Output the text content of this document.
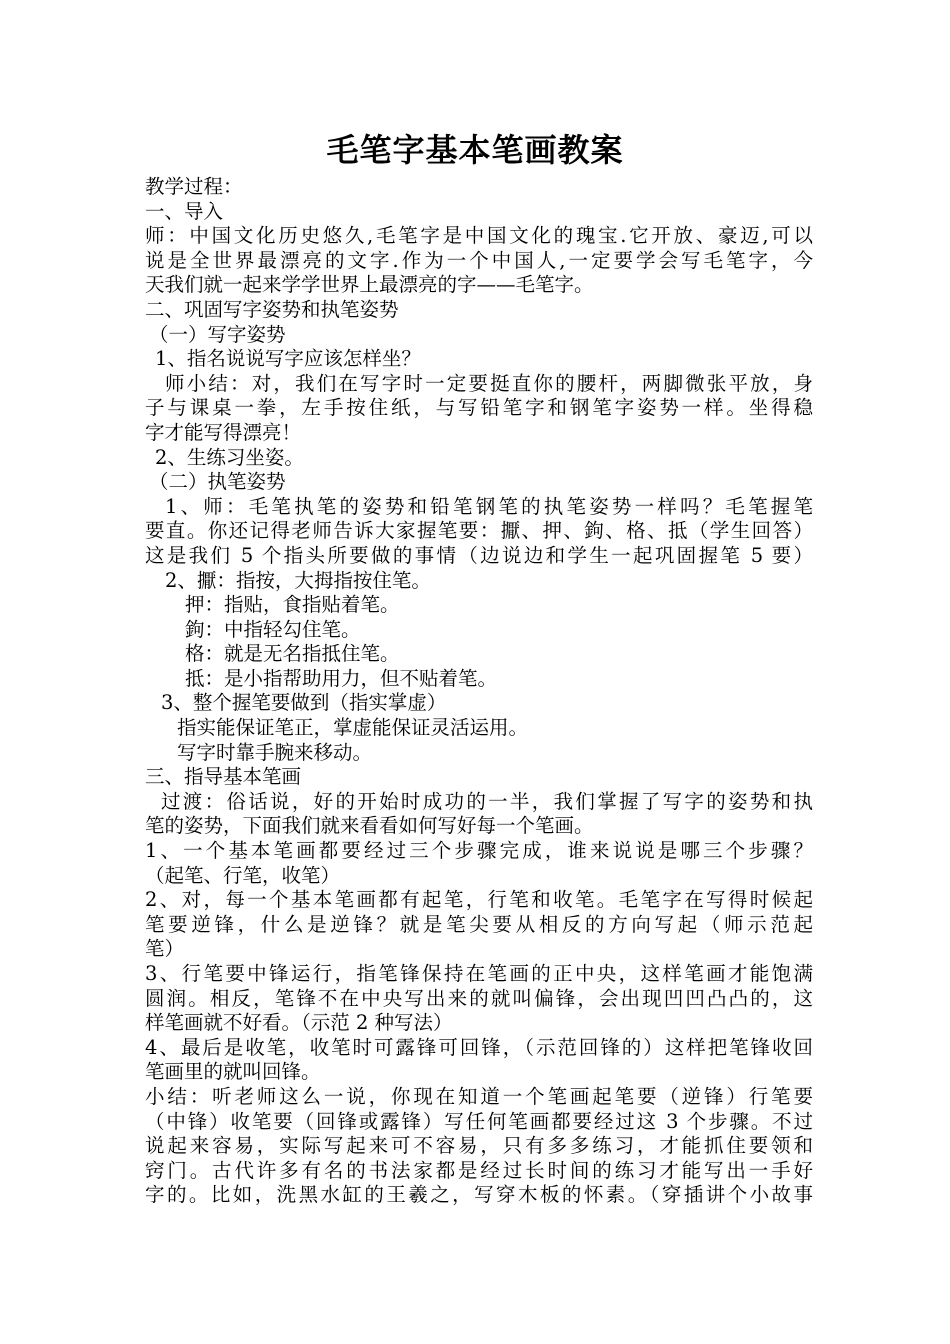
毛笔字基本笔画教案
教学过程：
一、导入
师：中国文化历史悠久,毛笔字是中国文化的瑰宝.它开放、豪迈,可以
说是全世界最漂亮的文字.作为一个中国人,一定要学会写毛笔字，今
天我们就一起来学学世界上最漂亮的字——毛笔字。
二、巩固写字姿势和执笔姿势
（一）写字姿势
1、指名说说写字应该怎样坐？
师小结：对，我们在写字时一定要挺直你的腰杆，两脚微张平放，身
子与课桌一拳，左手按住纸，与写铅笔字和钢笔字姿势一样。坐得稳
字才能写得漂亮！
2、生练习坐姿。
（二）执笔姿势
1、师：毛笔执笔的姿势和铅笔钢笔的执笔姿势一样吗？毛笔握笔
要直。你还记得老师告诉大家握笔要：擫、押、鉤、格、抵（学生回答）
这是我们 5 个指头所要做的事情（边说边和学生一起巩固握笔 5 要）
2、擫：指按，大拇指按住笔。
押：指贴，食指贴着笔。
鉤：中指轻勾住笔。
格：就是无名指抵住笔。
抵：是小指帮助用力，但不贴着笔。
3、整个握笔要做到（指实掌虚）
指实能保证笔正，掌虚能保证灵活运用。
写字时靠手腕来移动。
三、指导基本笔画
过渡：俗话说，好的开始时成功的一半，我们掌握了写字的姿势和执
笔的姿势，下面我们就来看看如何写好每一个笔画。
1、一个基本笔画都要经过三个步骤完成，谁来说说是哪三个步骤？
（起笔、行笔，收笔）
2、对，每一个基本笔画都有起笔，行笔和收笔。毛笔字在写得时候起
笔要逆锋，什么是逆锋？就是笔尖要从相反的方向写起（师示范起
笔）
3、行笔要中锋运行，指笔锋保持在笔画的正中央，这样笔画才能饱满
圆润。相反，笔锋不在中央写出来的就叫偏锋，会出现凹凹凸凸的，这
样笔画就不好看。（示范 2 种写法）
4、最后是收笔，收笔时可露锋可回锋，（示范回锋的）这样把笔锋收回
笔画里的就叫回锋。
小结：听老师这么一说，你现在知道一个笔画起笔要（逆锋）行笔要
（中锋）收笔要（回锋或露锋）写任何笔画都要经过这 3 个步骤。不过
说起来容易，实际写起来可不容易，只有多多练习，才能抓住要领和
窍门。古代许多有名的书法家都是经过长时间的练习才能写出一手好
字的。比如，洗黑水缸的王羲之，写穿木板的怀素。（穿插讲个小故事
